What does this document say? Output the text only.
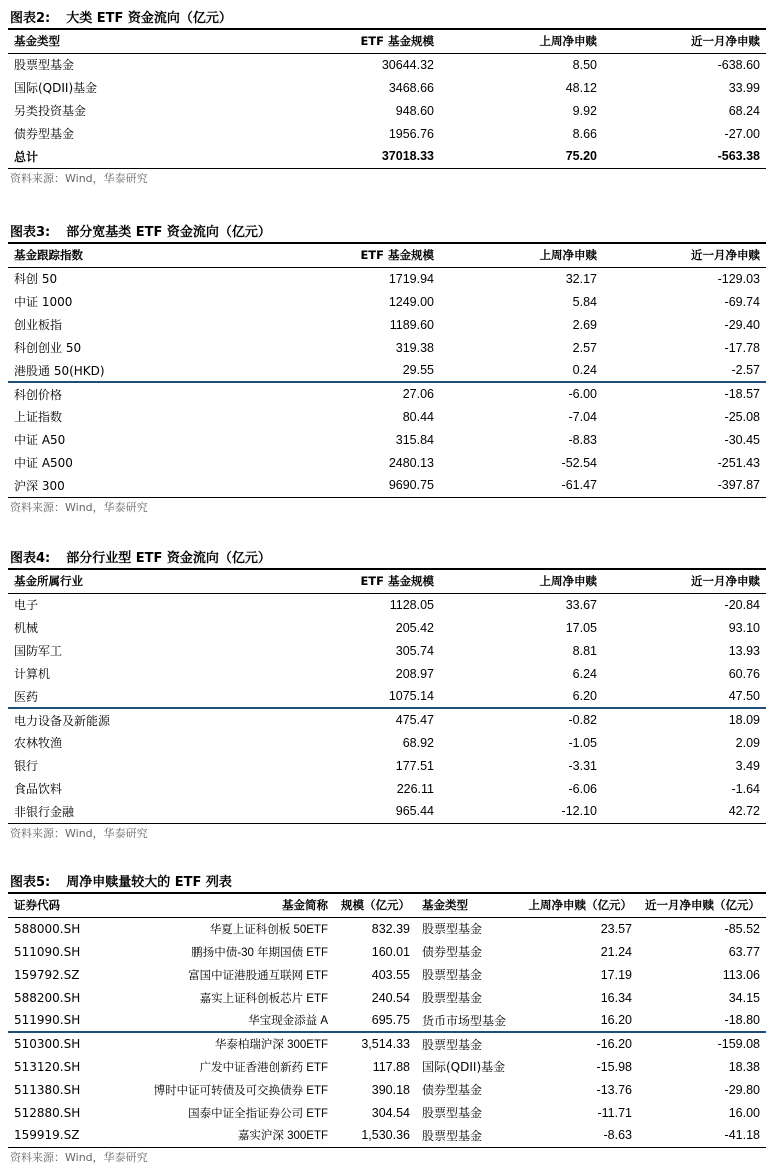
图表2: 大类 ETF 资金流向（亿元）
基金类型	ETF 基金规模	上周净申赎	近一月净申赎
股票型基金	30644.32	8.50	-638.60
国际(QDII)基金	3468.66	48.12	33.99
另类投资基金	948.60	9.92	68.24
债券型基金	1956.76	8.66	-27.00
总计	37018.33	75.20	-563.38
资料来源：Wind，华泰研究
图表3: 部分宽基类 ETF 资金流向（亿元）
基金跟踪指数	ETF 基金规模	上周净申赎	近一月净申赎
科创 50	1719.94	32.17	-129.03
中证 1000	1249.00	5.84	-69.74
创业板指	1189.60	2.69	-29.40
科创创业 50	319.38	2.57	-17.78
港股通 50(HKD)	29.55	0.24	-2.57
科创价格	27.06	-6.00	-18.57
上证指数	80.44	-7.04	-25.08
中证 A50	315.84	-8.83	-30.45
中证 A500	2480.13	-52.54	-251.43
沪深 300	9690.75	-61.47	-397.87
资料来源：Wind，华泰研究
图表4: 部分行业型 ETF 资金流向（亿元）
基金所属行业	ETF 基金规模	上周净申赎	近一月净申赎
电子	1128.05	33.67	-20.84
机械	205.42	17.05	93.10
国防军工	305.74	8.81	13.93
计算机	208.97	6.24	60.76
医药	1075.14	6.20	47.50
电力设备及新能源	475.47	-0.82	18.09
农林牧渔	68.92	-1.05	2.09
银行	177.51	-3.31	3.49
食品饮料	226.11	-6.06	-1.64
非银行金融	965.44	-12.10	42.72
资料来源：Wind，华泰研究
图表5: 周净申赎量较大的 ETF 列表
证券代码	基金简称	规模（亿元）	基金类型	上周净申赎（亿元）	近一月净申赎（亿元）
588000.SH	华夏上证科创板 50ETF	832.39	股票型基金	23.57	-85.52
511090.SH	鹏扬中债-30 年期国债 ETF	160.01	债券型基金	21.24	63.77
159792.SZ	富国中证港股通互联网 ETF	403.55	股票型基金	17.19	113.06
588200.SH	嘉实上证科创板芯片 ETF	240.54	股票型基金	16.34	34.15
511990.SH	华宝现金添益 A	695.75	货币市场型基金	16.20	-18.80
510300.SH	华泰柏瑞沪深 300ETF	3,514.33	股票型基金	-16.20	-159.08
513120.SH	广发中证香港创新药 ETF	117.88	国际(QDII)基金	-15.98	18.38
511380.SH	博时中证可转债及可交换债券 ETF	390.18	债券型基金	-13.76	-29.80
512880.SH	国泰中证全指证券公司 ETF	304.54	股票型基金	-11.71	16.00
159919.SZ	嘉实沪深 300ETF	1,530.36	股票型基金	-8.63	-41.18
资料来源：Wind，华泰研究
